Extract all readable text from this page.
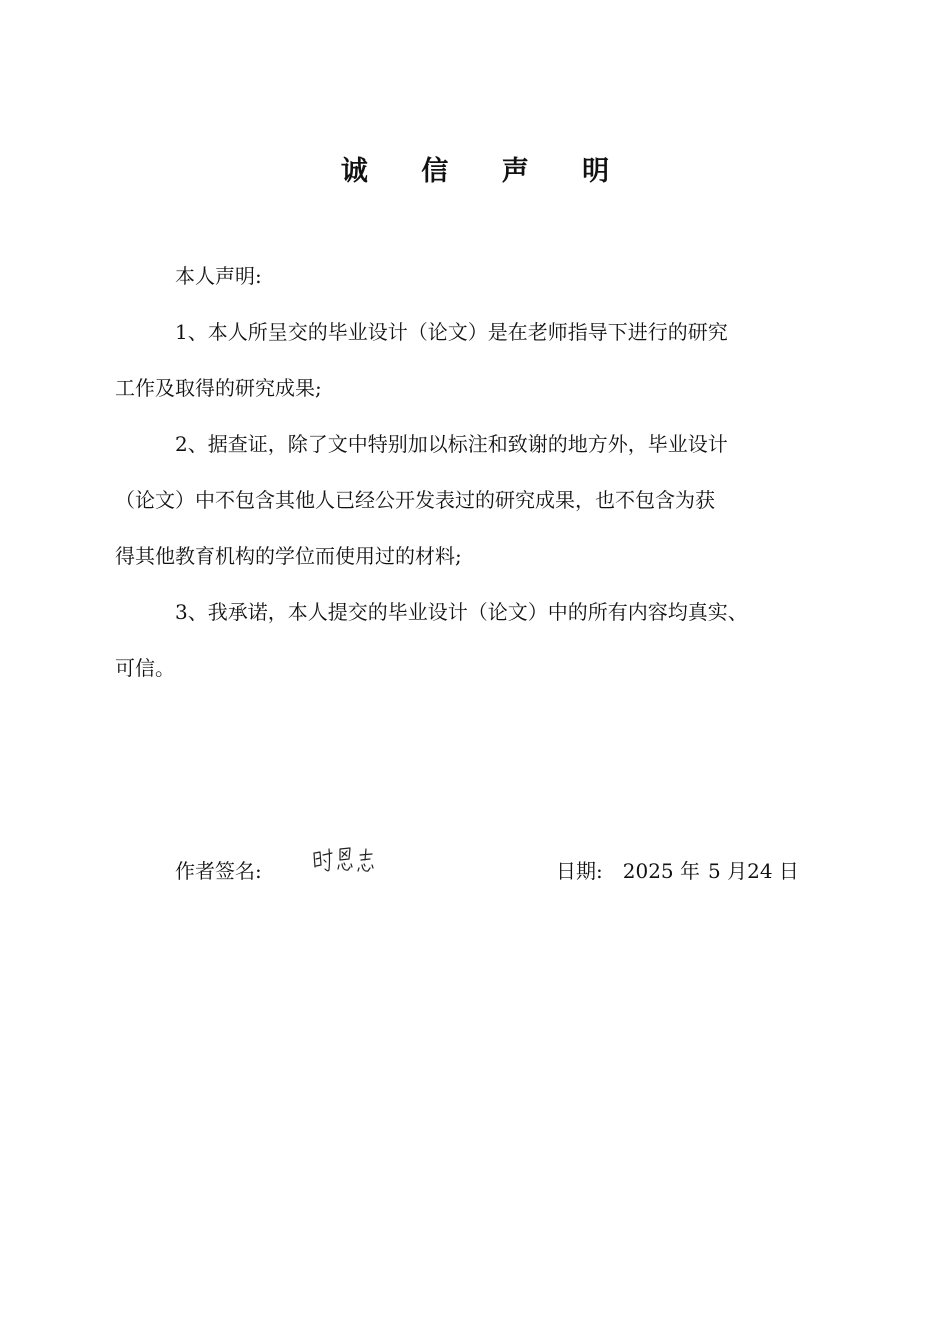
诚 信 声 明
本人声明:
1、本人所呈交的毕业设计（论文）是在老师指导下进行的研究
工作及取得的研究成果;
2、据查证，除了文中特别加以标注和致谢的地方外，毕业设计
（论文）中不包含其他人已经公开发表过的研究成果，也不包含为获
得其他教育机构的学位而使用过的材料;
3、我承诺，本人提交的毕业设计（论文）中的所有内容均真实、
可信。
作者签名:	日期: 2025 年 5 月24 日
